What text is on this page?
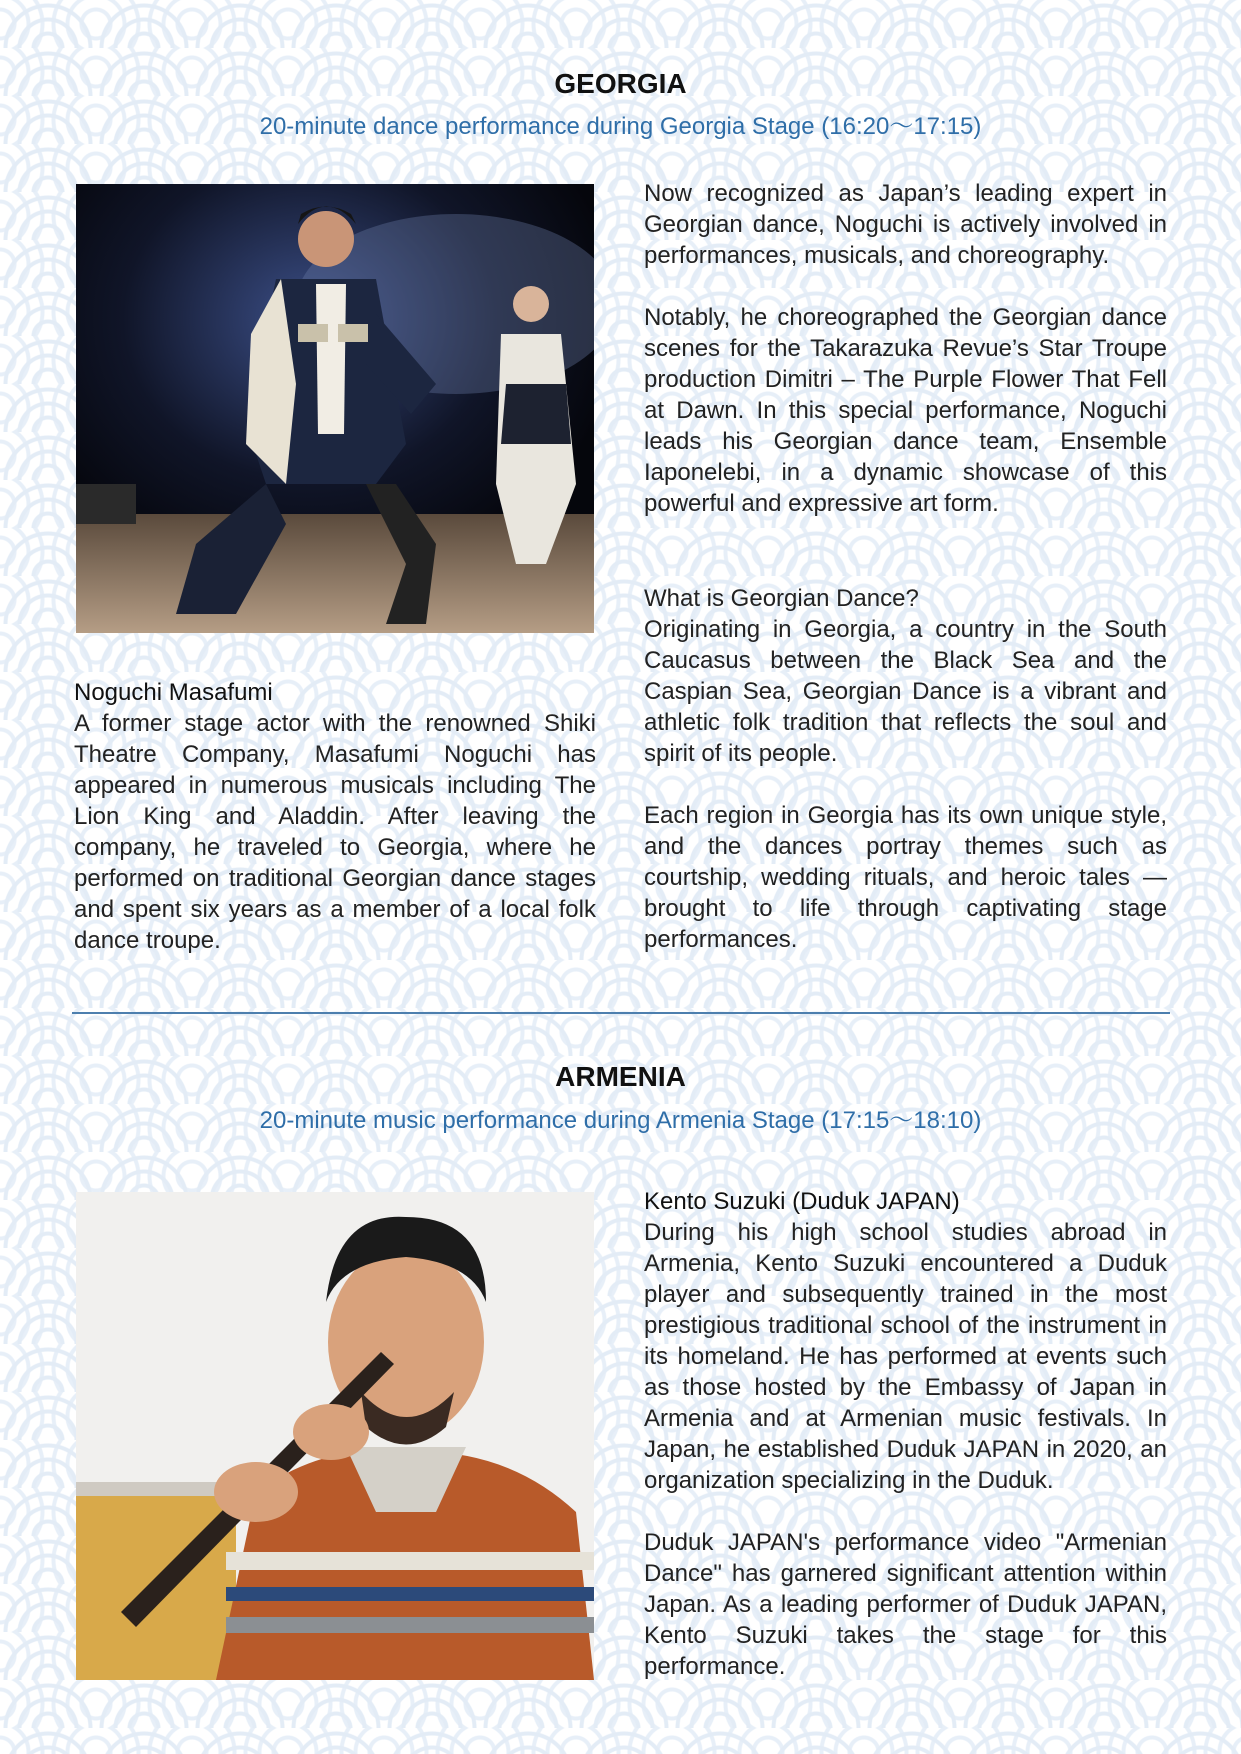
GEORGIA
20-minute dance performance during Georgia Stage (16:20〜17:15)

Now recognized as Japan’s leading expert in Georgian dance, Noguchi is actively involved in performances, musicals, and choreography.

Notably, he choreographed the Georgian dance scenes for the Takarazuka Revue’s Star Troupe production Dimitri – The Purple Flower That Fell at Dawn. In this special performance, Noguchi leads his Georgian dance team, Ensemble Iaponelebi, in a dynamic showcase of this powerful and expressive art form.

What is Georgian Dance?

Originating in Georgia, a country in the South Caucasus between the Black Sea and the Caspian Sea, Georgian Dance is a vibrant and athletic folk tradition that reflects the soul and spirit of its people.

Each region in Georgia has its own unique style, and the dances portray themes such as courtship, wedding rituals, and heroic tales — brought to life through captivating stage performances.

Noguchi Masafumi
A former stage actor with the renowned Shiki Theatre Company, Masafumi Noguchi has appeared in numerous musicals including The Lion King and Aladdin. After leaving the company, he traveled to Georgia, where he performed on traditional Georgian dance stages and spent six years as a member of a local folk dance troupe.
ARMENIA
20-minute music performance during Armenia Stage (17:15〜18:10)
Kento Suzuki (Duduk JAPAN)

During his high school studies abroad in Armenia, Kento Suzuki encountered a Duduk player and subsequently trained in the most prestigious traditional school of the instrument in its homeland. He has performed at events such as those hosted by the Embassy of Japan in Armenia and at Armenian music festivals. In Japan, he established Duduk JAPAN in 2020, an organization specializing in the Duduk.

Duduk JAPAN's performance video "Armenian Dance" has garnered significant attention within Japan. As a leading performer of Duduk JAPAN, Kento Suzuki takes the stage for this performance.
